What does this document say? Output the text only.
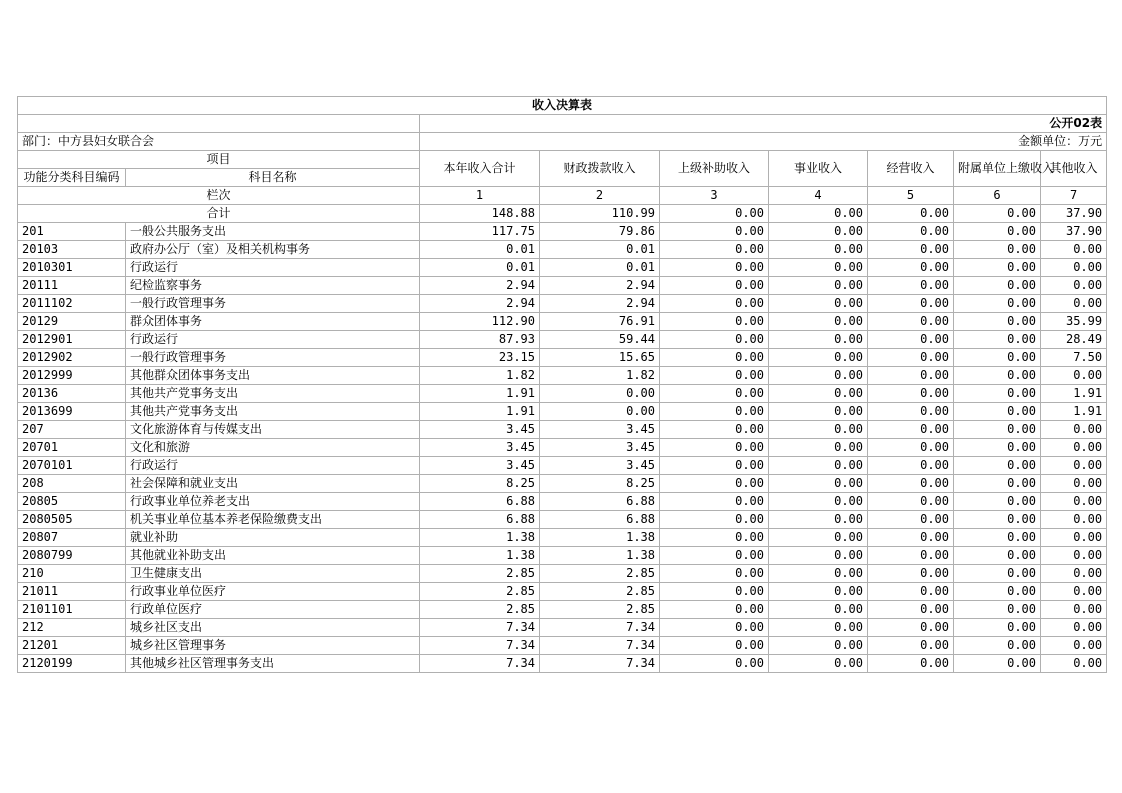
收入决算表								
		公开02表						
部门：中方县妇女联合会		金额单位：万元						
项目		本年收入合计	财政拨款收入	上级补助收入	事业收入	经营收入	附属单位上缴收入	其他收入
功能分类科目编码	科目名称							
栏次		1	2	3	4	5	6	7
合计		148.88	110.99	0.00	0.00	0.00	0.00	37.90
201	一般公共服务支出	117.75	79.86	0.00	0.00	0.00	0.00	37.90
20103	政府办公厅（室）及相关机构事务	0.01	0.01	0.00	0.00	0.00	0.00	0.00
2010301	行政运行	0.01	0.01	0.00	0.00	0.00	0.00	0.00
20111	纪检监察事务	2.94	2.94	0.00	0.00	0.00	0.00	0.00
2011102	一般行政管理事务	2.94	2.94	0.00	0.00	0.00	0.00	0.00
20129	群众团体事务	112.90	76.91	0.00	0.00	0.00	0.00	35.99
2012901	行政运行	87.93	59.44	0.00	0.00	0.00	0.00	28.49
2012902	一般行政管理事务	23.15	15.65	0.00	0.00	0.00	0.00	7.50
2012999	其他群众团体事务支出	1.82	1.82	0.00	0.00	0.00	0.00	0.00
20136	其他共产党事务支出	1.91	0.00	0.00	0.00	0.00	0.00	1.91
2013699	其他共产党事务支出	1.91	0.00	0.00	0.00	0.00	0.00	1.91
207	文化旅游体育与传媒支出	3.45	3.45	0.00	0.00	0.00	0.00	0.00
20701	文化和旅游	3.45	3.45	0.00	0.00	0.00	0.00	0.00
2070101	行政运行	3.45	3.45	0.00	0.00	0.00	0.00	0.00
208	社会保障和就业支出	8.25	8.25	0.00	0.00	0.00	0.00	0.00
20805	行政事业单位养老支出	6.88	6.88	0.00	0.00	0.00	0.00	0.00
2080505	机关事业单位基本养老保险缴费支出	6.88	6.88	0.00	0.00	0.00	0.00	0.00
20807	就业补助	1.38	1.38	0.00	0.00	0.00	0.00	0.00
2080799	其他就业补助支出	1.38	1.38	0.00	0.00	0.00	0.00	0.00
210	卫生健康支出	2.85	2.85	0.00	0.00	0.00	0.00	0.00
21011	行政事业单位医疗	2.85	2.85	0.00	0.00	0.00	0.00	0.00
2101101	行政单位医疗	2.85	2.85	0.00	0.00	0.00	0.00	0.00
212	城乡社区支出	7.34	7.34	0.00	0.00	0.00	0.00	0.00
21201	城乡社区管理事务	7.34	7.34	0.00	0.00	0.00	0.00	0.00
2120199	其他城乡社区管理事务支出	7.34	7.34	0.00	0.00	0.00	0.00	0.00
